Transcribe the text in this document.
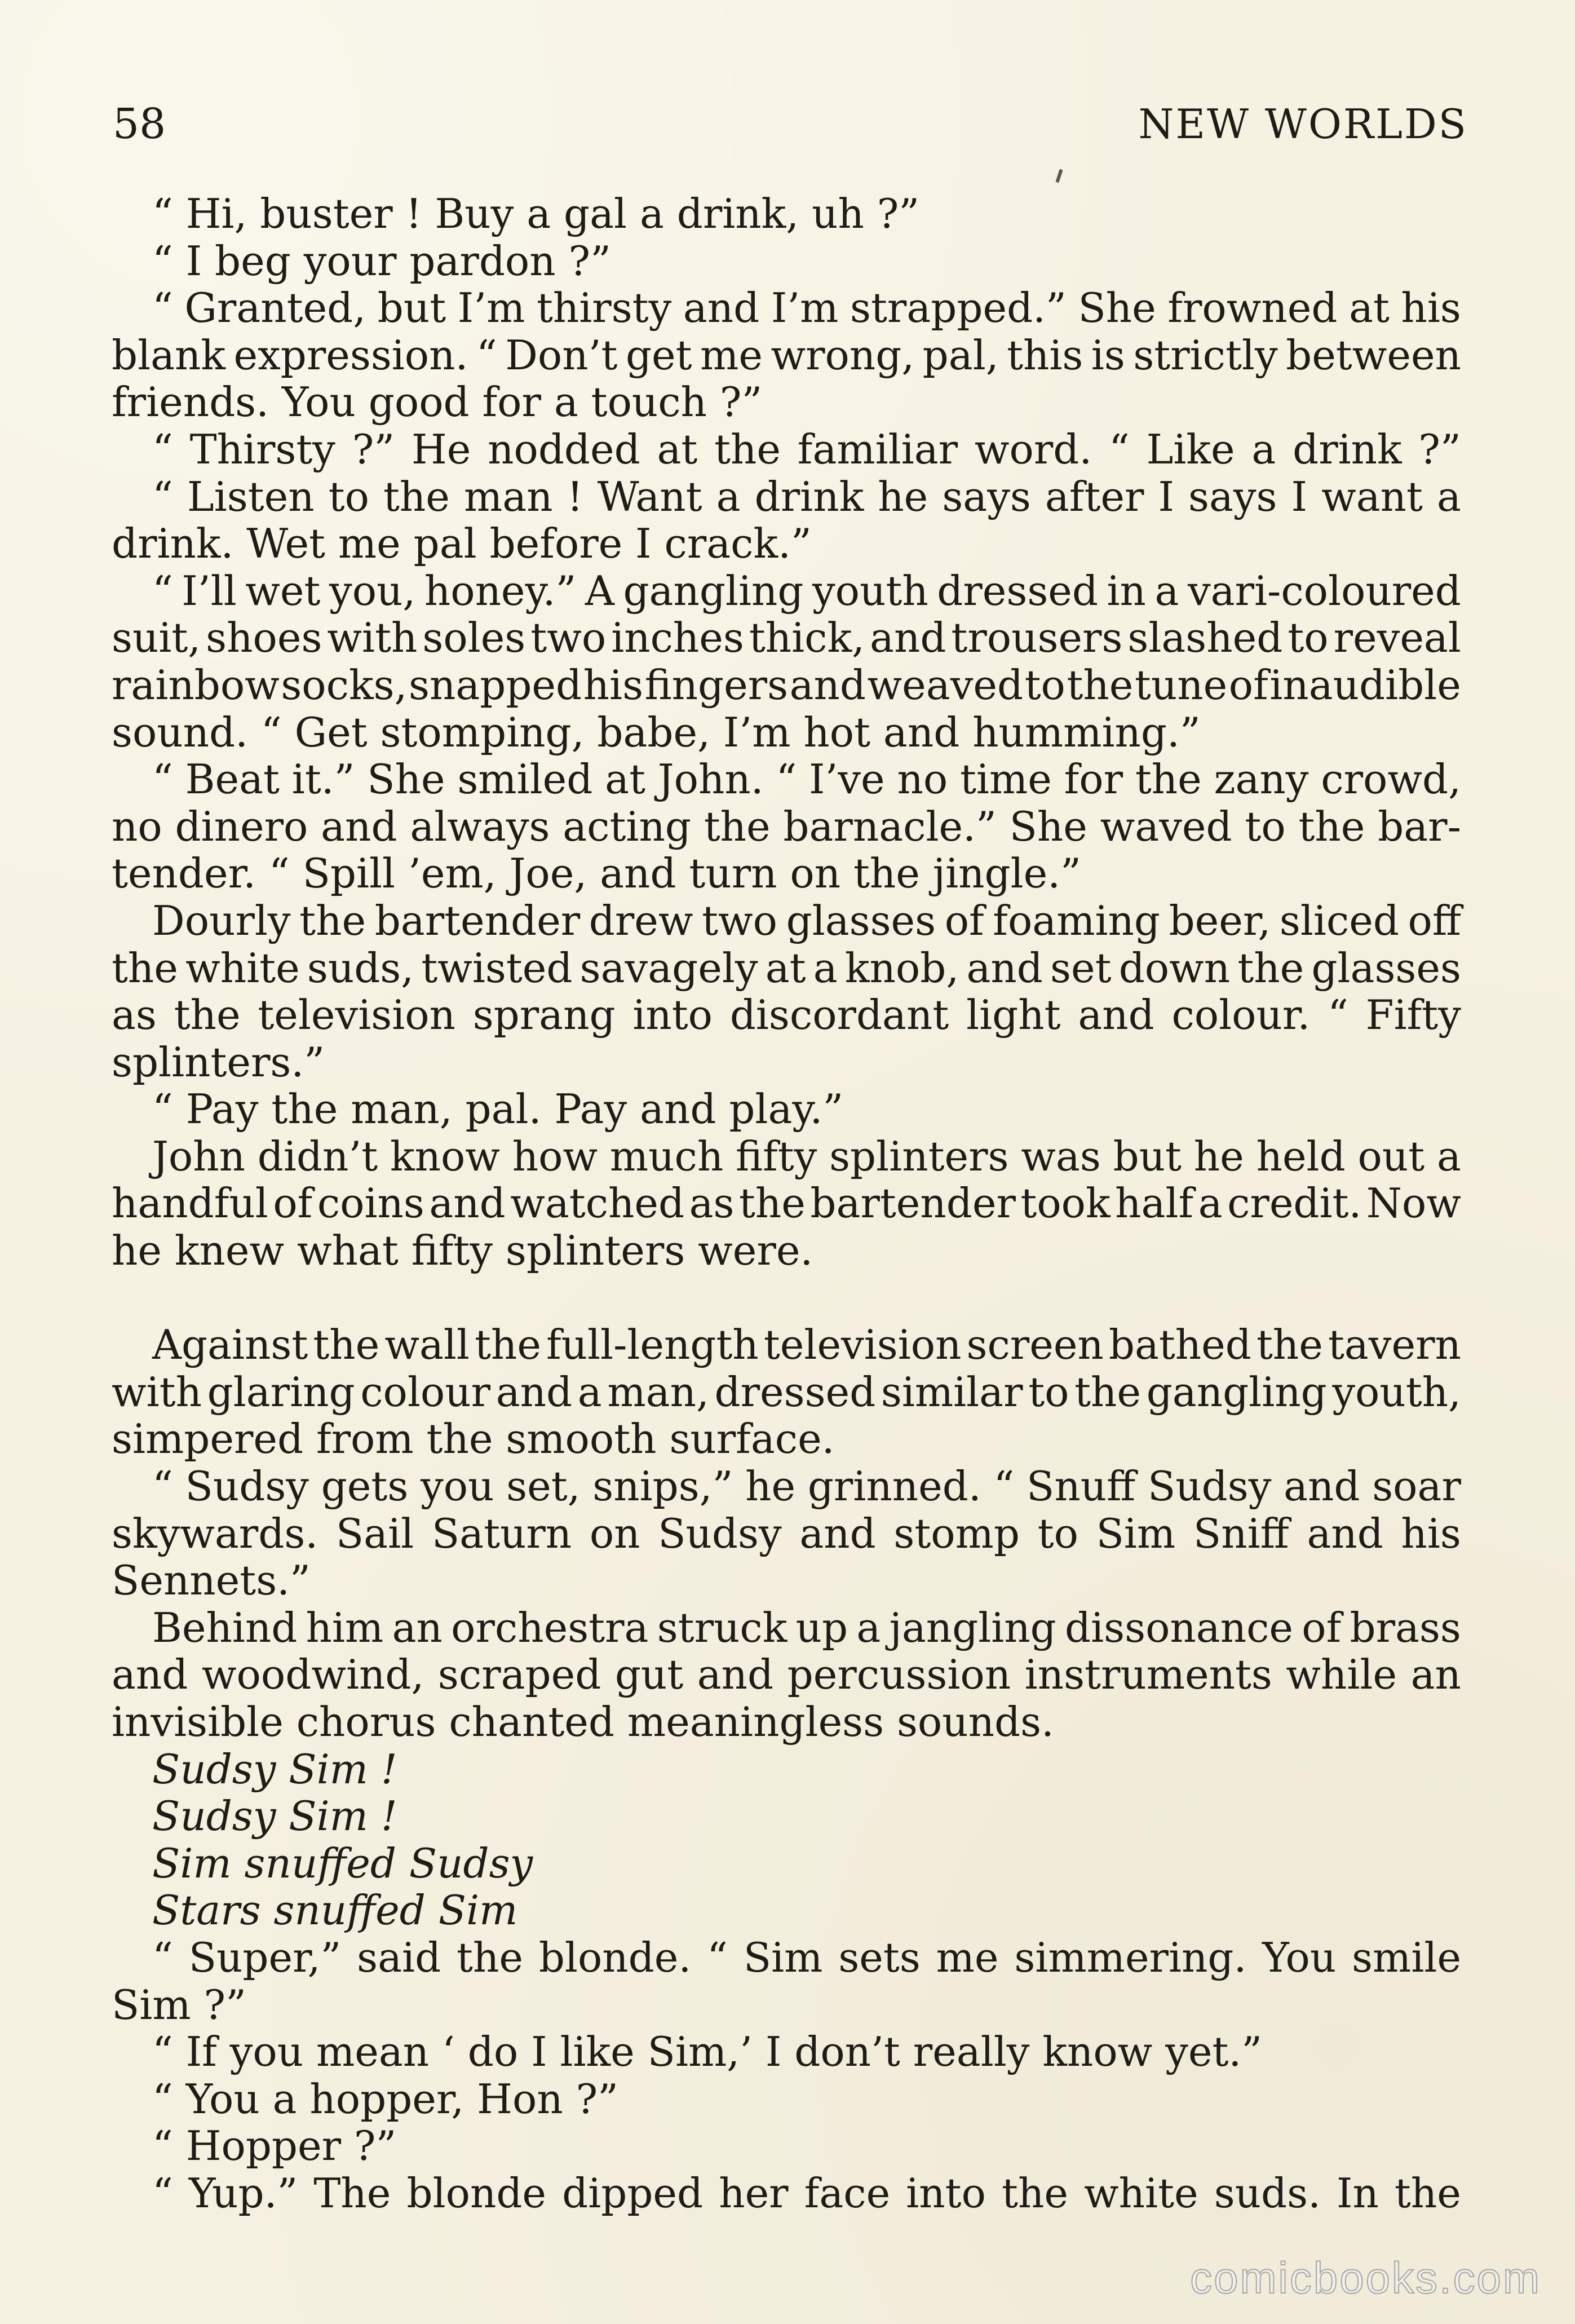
58	NEW WORLDS
“ Hi, buster ! Buy a gal a drink, uh ?”
“ I beg your pardon ?”
“ Granted, but I’m thirsty and I’m strapped.” She frowned at his
blank expression. “ Don’t get me wrong, pal, this is strictly between
friends. You good for a touch ?”
“ Thirsty ?” He nodded at the familiar word. “ Like a drink ?”
“ Listen to the man ! Want a drink he says after I says I want a
drink. Wet me pal before I crack.”
“ I’ll wet you, honey.” A gangling youth dressed in a vari-coloured
suit, shoes with soles two inches thick, and trousers slashed to reveal
rainbow socks, snapped his fingers and weaved to the tune of inaudible
sound. “ Get stomping, babe, I’m hot and humming.”
“ Beat it.” She smiled at John. “ I’ve no time for the zany crowd,
no dinero and always acting the barnacle.” She waved to the bar-
tender. “ Spill ’em, Joe, and turn on the jingle.”
Dourly the bartender drew two glasses of foaming beer, sliced off
the white suds, twisted savagely at a knob, and set down the glasses
as the television sprang into discordant light and colour. “ Fifty
splinters.”
“ Pay the man, pal. Pay and play.”
John didn’t know how much fifty splinters was but he held out a
handful of coins and watched as the bartender took half a credit. Now
he knew what fifty splinters were.
Against the wall the full-length television screen bathed the tavern
with glaring colour and a man, dressed similar to the gangling youth,
simpered from the smooth surface.
“ Sudsy gets you set, snips,” he grinned. “ Snuff Sudsy and soar
skywards. Sail Saturn on Sudsy and stomp to Sim Sniff and his
Sennets.”
Behind him an orchestra struck up a jangling dissonance of brass
and woodwind, scraped gut and percussion instruments while an
invisible chorus chanted meaningless sounds.
Sudsy Sim !
Sudsy Sim !
Sim snuffed Sudsy
Stars snuffed Sim
“ Super,” said the blonde. “ Sim sets me simmering. You smile
Sim ?”
“ If you mean ‘ do I like Sim,’ I don’t really know yet.”
“ You a hopper, Hon ?”
“ Hopper ?”
“ Yup.” The blonde dipped her face into the white suds. In the
comicbooks.com
